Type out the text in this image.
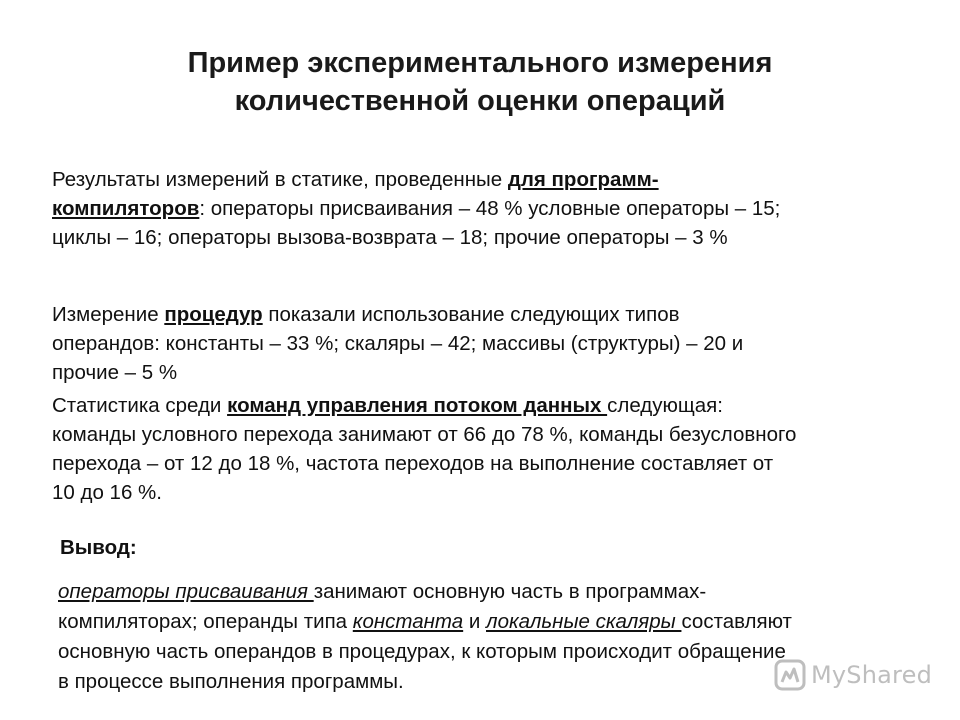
Пример экспериментального измерения
количественной оценки операций
Результаты измерений в статике, проведенные для программ-
компиляторов: операторы присваивания – 48 % условные операторы – 15;
циклы – 16; операторы вызова-возврата – 18; прочие операторы – 3 %
Измерение процедур показали использование следующих типов
операндов: константы – 33 %; скаляры – 42; массивы (структуры) – 20 и
прочие – 5 %
Статистика среди команд управления потоком данных следующая:
команды условного перехода занимают от 66 до 78 %, команды безусловного
перехода – от 12 до 18 %, частота переходов на выполнение составляет от
10 до 16 %.
Вывод:
операторы присваивания занимают основную часть в программах-
компиляторах; операнды типа константа и локальные скаляры составляют
основную часть операндов в процедурах, к которым происходит обращение
в процессе выполнения программы.	MyShared
